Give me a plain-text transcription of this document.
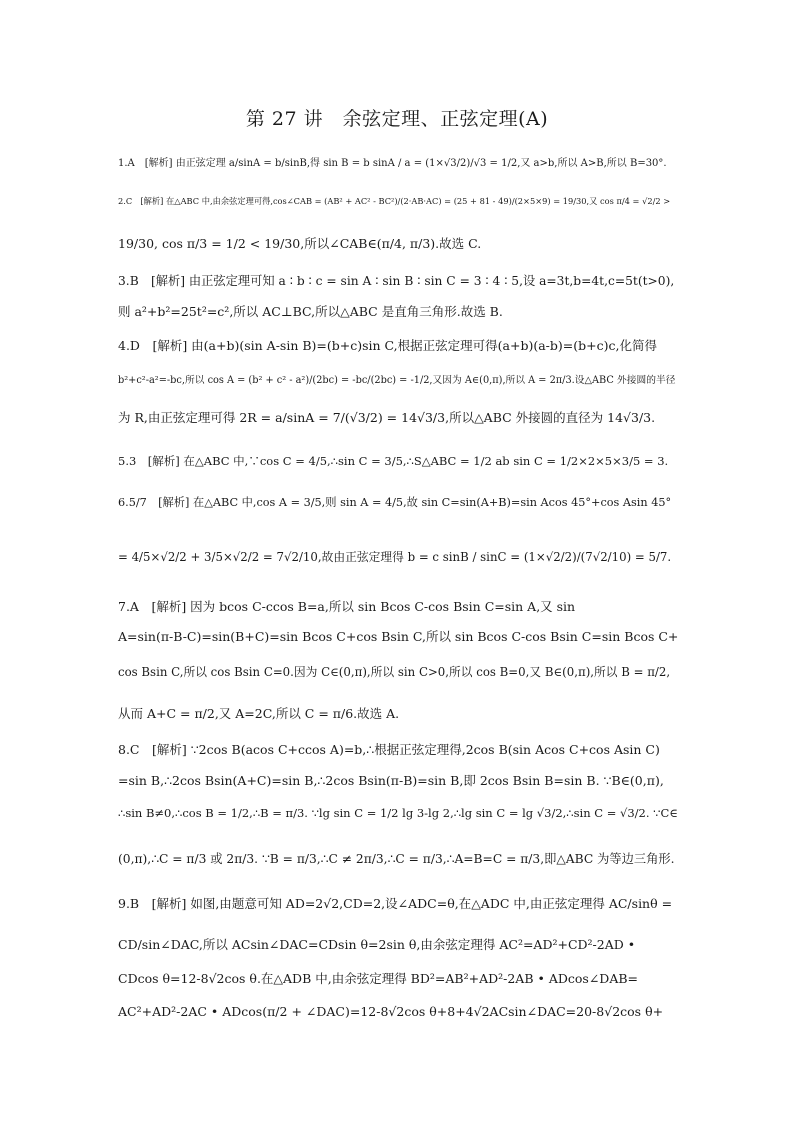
第 27 讲　余弦定理、正弦定理(A)
1.A　[解析] 由正弦定理 a/sinA = b/sinB,得 sin B = b sinA / a = (1×√3/2)/√3 = 1/2,又 a>b,所以 A>B,所以 B=30°.
2.C　[解析] 在△ABC 中,由余弦定理可得,cos∠CAB = (AB² + AC² - BC²)/(2·AB·AC) = (25 + 81 - 49)/(2×5×9) = 19/30,又 cos π/4 = √2/2 >
19/30, cos π/3 = 1/2 < 19/30,所以∠CAB∈(π/4, π/3).故选 C.
3.B　[解析] 由正弦定理可知 a ∶ b ∶ c = sin A ∶ sin B ∶ sin C = 3 ∶ 4 ∶ 5,设 a=3t,b=4t,c=5t(t>0),
则 a²+b²=25t²=c²,所以 AC⊥BC,所以△ABC 是直角三角形.故选 B.
4.D　[解析] 由(a+b)(sin A-sin B)=(b+c)sin C,根据正弦定理可得(a+b)(a-b)=(b+c)c,化简得
b²+c²-a²=-bc,所以 cos A = (b² + c² - a²)/(2bc) = -bc/(2bc) = -1/2,又因为 A∈(0,π),所以 A = 2π/3.设△ABC 外接圆的半径
为 R,由正弦定理可得 2R = a/sinA = 7/(√3/2) = 14√3/3,所以△ABC 外接圆的直径为 14√3/3.
5.3　[解析] 在△ABC 中,∵cos C = 4/5,∴sin C = 3/5,∴S△ABC = 1/2 ab sin C = 1/2×2×5×3/5 = 3.
6.5/7　[解析] 在△ABC 中,cos A = 3/5,则 sin A = 4/5,故 sin C=sin(A+B)=sin Acos 45°+cos Asin 45°
= 4/5×√2/2 + 3/5×√2/2 = 7√2/10,故由正弦定理得 b = c sinB / sinC = (1×√2/2)/(7√2/10) = 5/7.
7.A　[解析] 因为 bcos C-ccos B=a,所以 sin Bcos C-cos Bsin C=sin A,又 sin
A=sin(π-B-C)=sin(B+C)=sin Bcos C+cos Bsin C,所以 sin Bcos C-cos Bsin C=sin Bcos C+
cos Bsin C,所以 cos Bsin C=0.因为 C∈(0,π),所以 sin C>0,所以 cos B=0,又 B∈(0,π),所以 B = π/2,
从而 A+C = π/2,又 A=2C,所以 C = π/6.故选 A.
8.C　[解析] ∵2cos B(acos C+ccos A)=b,∴根据正弦定理得,2cos B(sin Acos C+cos Asin C)
=sin B,∴2cos Bsin(A+C)=sin B,∴2cos Bsin(π-B)=sin B,即 2cos Bsin B=sin B. ∵B∈(0,π),
∴sin B≠0,∴cos B = 1/2,∴B = π/3. ∵lg sin C = 1/2 lg 3-lg 2,∴lg sin C = lg √3/2,∴sin C = √3/2. ∵C∈
(0,π),∴C = π/3 或 2π/3. ∵B = π/3,∴C ≠ 2π/3,∴C = π/3,∴A=B=C = π/3,即△ABC 为等边三角形.
9.B　[解析] 如图,由题意可知 AD=2√2,CD=2,设∠ADC=θ,在△ADC 中,由正弦定理得 AC/sinθ =
CD/sin∠DAC,所以 ACsin∠DAC=CDsin θ=2sin θ,由余弦定理得 AC²=AD²+CD²-2AD •
CDcos θ=12-8√2cos θ.在△ADB 中,由余弦定理得 BD²=AB²+AD²-2AB • ADcos∠DAB=
AC²+AD²-2AC • ADcos(π/2 + ∠DAC)=12-8√2cos θ+8+4√2ACsin∠DAC=20-8√2cos θ+
